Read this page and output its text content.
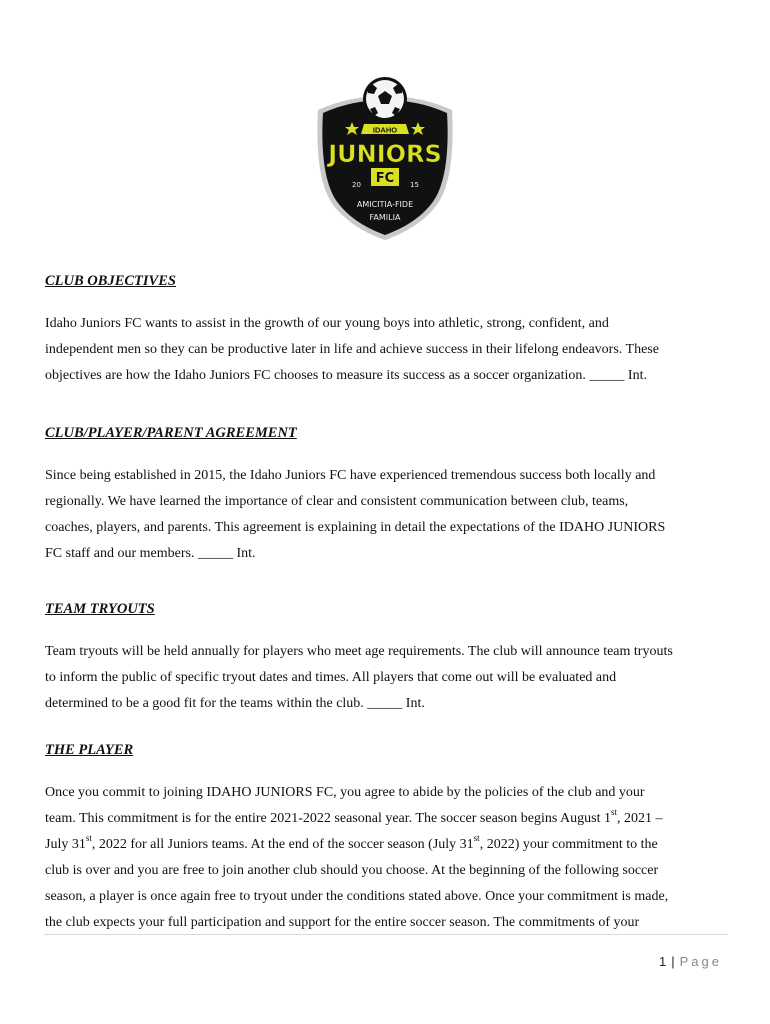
IDAHO
JUNIORS
FC
20	15
AMICITIA-FIDE
FAMILIA

CLUB OBJECTIVES

Idaho Juniors FC wants to assist in the growth of our young boys into athletic, strong, confident, and
independent men so they can be productive later in life and achieve success in their lifelong endeavors. These
objectives are how the Idaho Juniors FC chooses to measure its success as a soccer organization. _____ Int.

CLUB/PLAYER/PARENT AGREEMENT

Since being established in 2015, the Idaho Juniors FC have experienced tremendous success both locally and
regionally. We have learned the importance of clear and consistent communication between club, teams,
coaches, players, and parents. This agreement is explaining in detail the expectations of the IDAHO JUNIORS
FC staff and our members. _____ Int.

TEAM TRYOUTS

Team tryouts will be held annually for players who meet age requirements. The club will announce team tryouts
to inform the public of specific tryout dates and times. All players that come out will be evaluated and
determined to be a good fit for the teams within the club. _____ Int.

THE PLAYER

Once you commit to joining IDAHO JUNIORS FC, you agree to abide by the policies of the club and your
team. This commitment is for the entire 2021-2022 seasonal year. The soccer season begins August 1st, 2021 –
July 31st, 2022 for all Juniors teams. At the end of the soccer season (July 31st, 2022) your commitment to the
club is over and you are free to join another club should you choose. At the beginning of the following soccer
season, a player is once again free to tryout under the conditions stated above. Once your commitment is made,
the club expects your full participation and support for the entire soccer season. The commitments of your
1 | Page
